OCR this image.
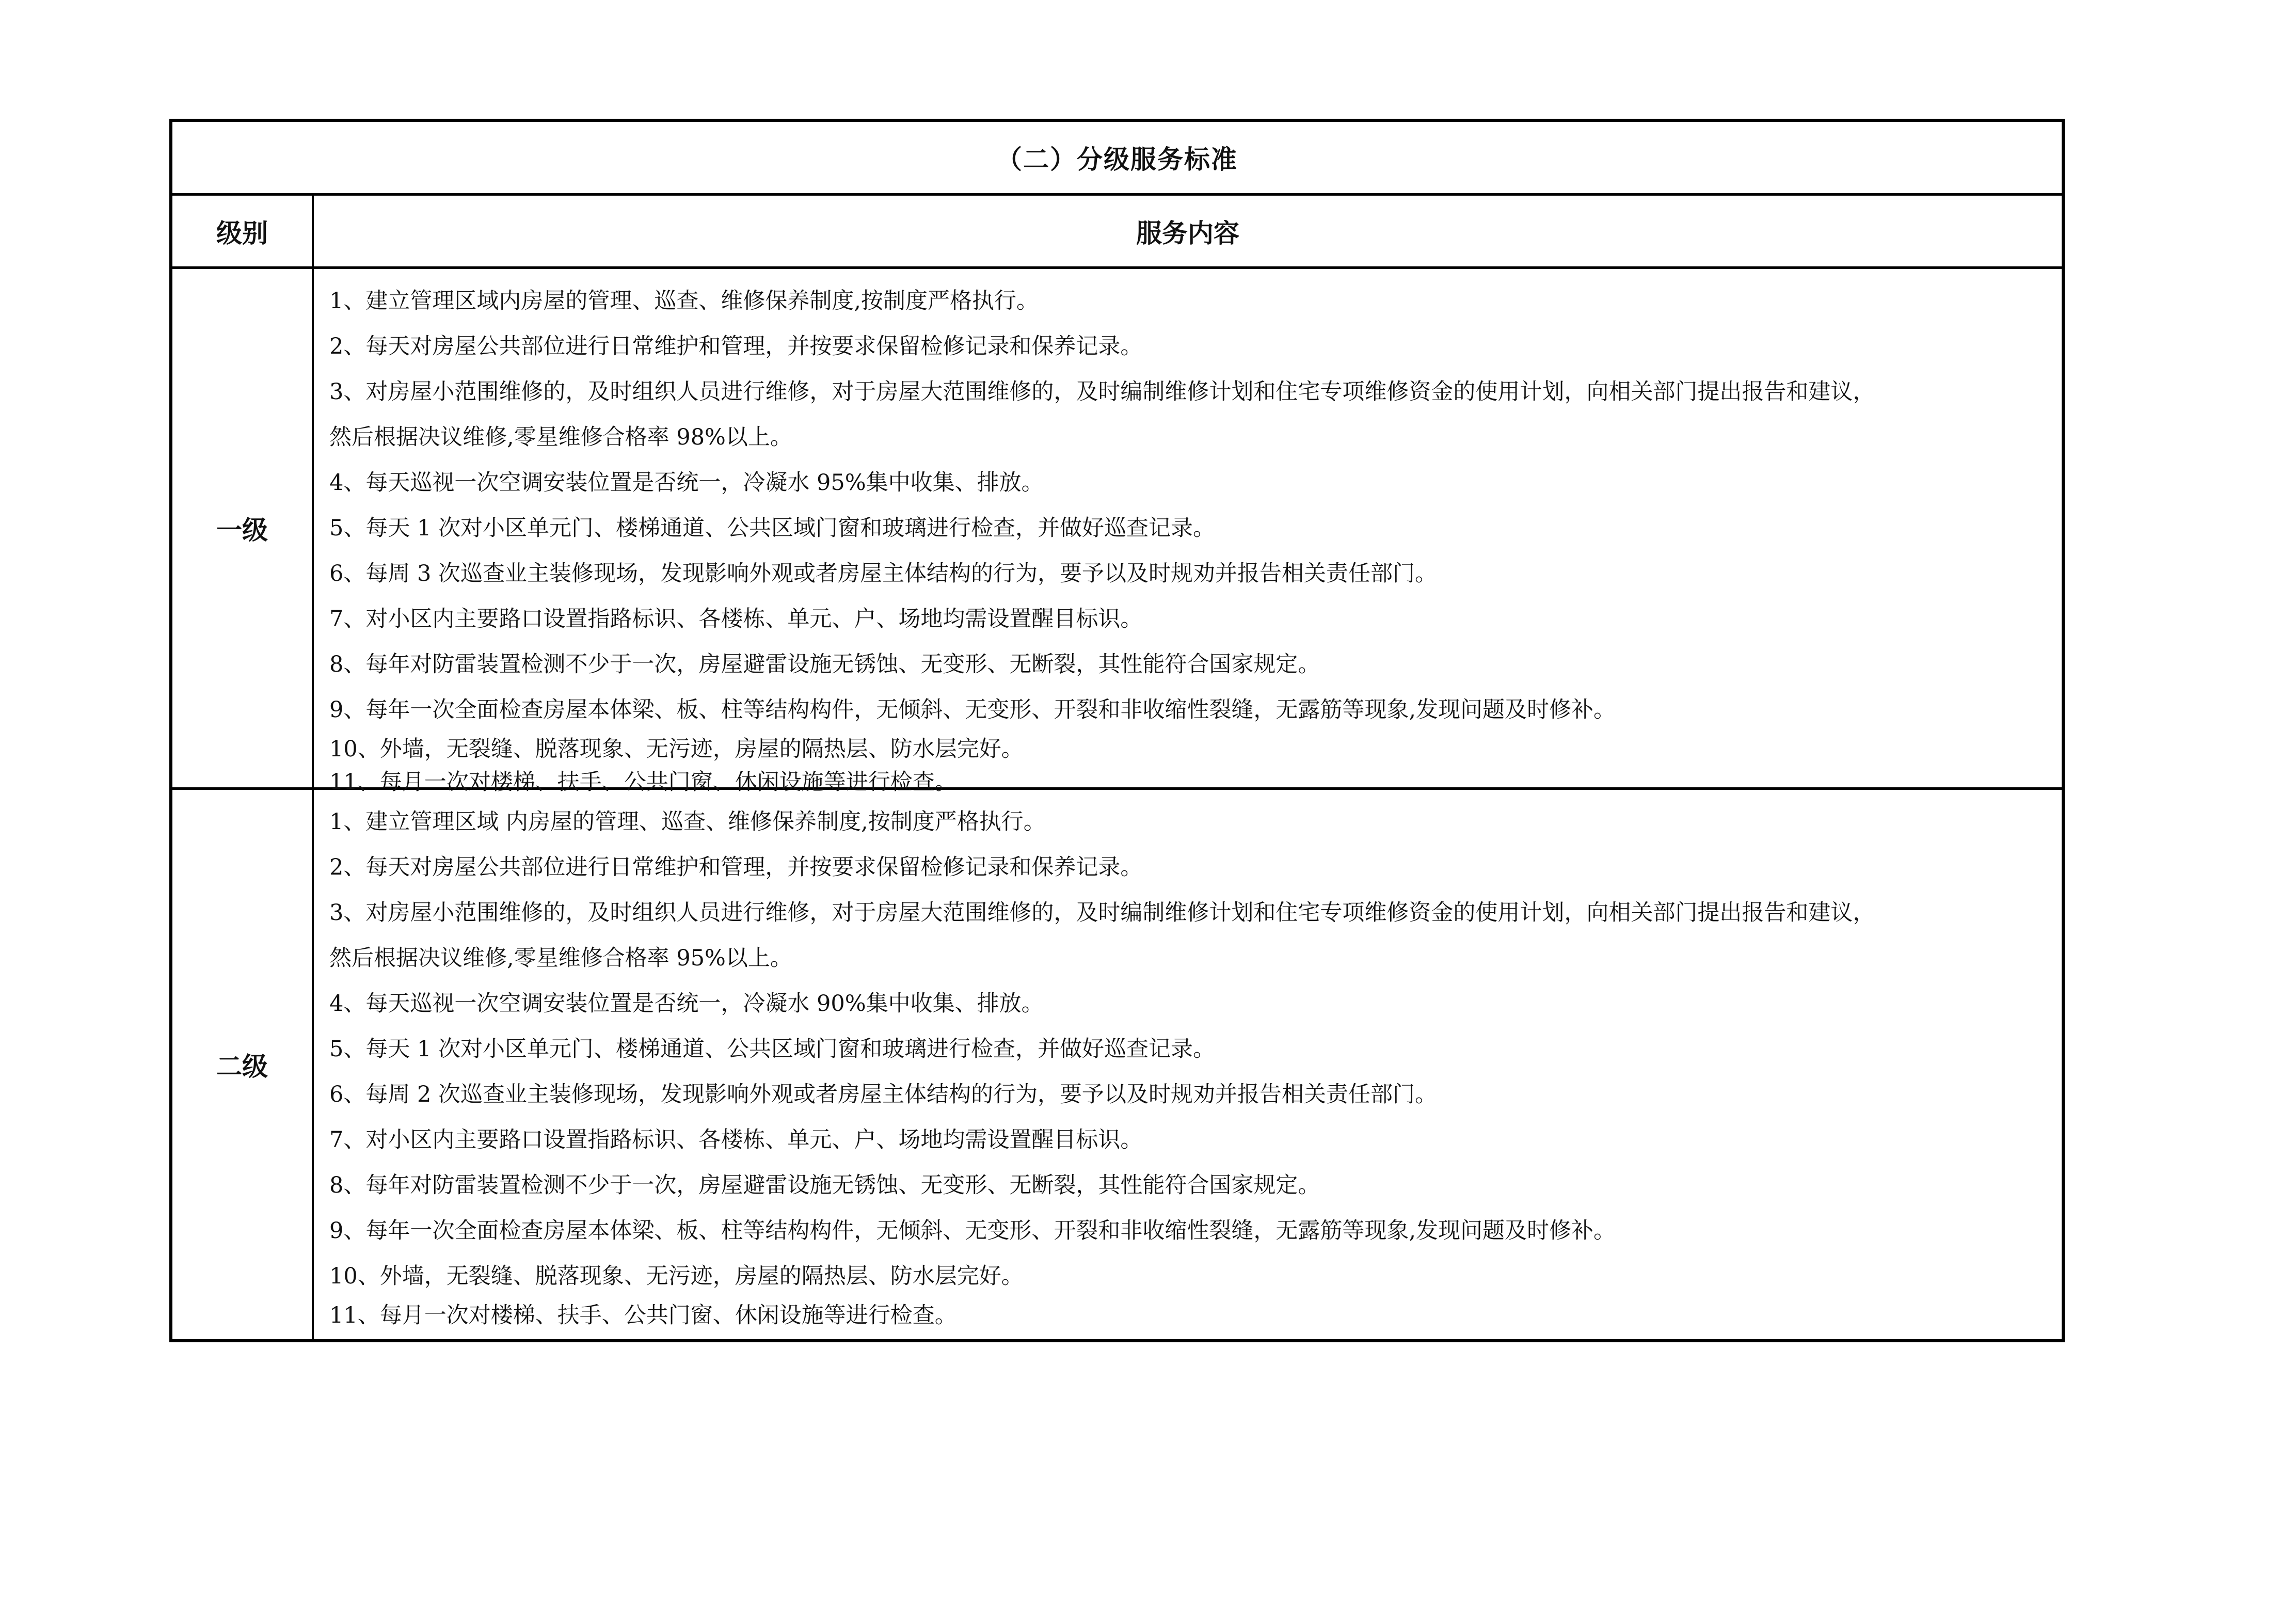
（二）分级服务标准
级别	服务内容
一级
1、建立管理区域内房屋的管理、巡查、维修保养制度,按制度严格执行。
2、每天对房屋公共部位进行日常维护和管理，并按要求保留检修记录和保养记录。
3、对房屋小范围维修的，及时组织人员进行维修，对于房屋大范围维修的，及时编制维修计划和住宅专项维修资金的使用计划，向相关部门提出报告和建议，
然后根据决议维修,零星维修合格率 98%以上。
4、每天巡视一次空调安装位置是否统一，冷凝水 95%集中收集、排放。
5、每天 1 次对小区单元门、楼梯通道、公共区域门窗和玻璃进行检查，并做好巡查记录。
6、每周 3 次巡查业主装修现场，发现影响外观或者房屋主体结构的行为，要予以及时规劝并报告相关责任部门。
7、对小区内主要路口设置指路标识、各楼栋、单元、户、场地均需设置醒目标识。
8、每年对防雷装置检测不少于一次，房屋避雷设施无锈蚀、无变形、无断裂，其性能符合国家规定。
9、每年一次全面检查房屋本体梁、板、柱等结构构件，无倾斜、无变形、开裂和非收缩性裂缝，无露筋等现象,发现问题及时修补。
10、外墙，无裂缝、脱落现象、无污迹，房屋的隔热层、防水层完好。
11、每月一次对楼梯、扶手、公共门窗、休闲设施等进行检查。
二级
1、建立管理区域 内房屋的管理、巡查、维修保养制度,按制度严格执行。
2、每天对房屋公共部位进行日常维护和管理，并按要求保留检修记录和保养记录。
3、对房屋小范围维修的，及时组织人员进行维修，对于房屋大范围维修的，及时编制维修计划和住宅专项维修资金的使用计划，向相关部门提出报告和建议，
然后根据决议维修,零星维修合格率 95%以上。
4、每天巡视一次空调安装位置是否统一，冷凝水 90%集中收集、排放。
5、每天 1 次对小区单元门、楼梯通道、公共区域门窗和玻璃进行检查，并做好巡查记录。
6、每周 2 次巡查业主装修现场，发现影响外观或者房屋主体结构的行为，要予以及时规劝并报告相关责任部门。
7、对小区内主要路口设置指路标识、各楼栋、单元、户、场地均需设置醒目标识。
8、每年对防雷装置检测不少于一次，房屋避雷设施无锈蚀、无变形、无断裂，其性能符合国家规定。
9、每年一次全面检查房屋本体梁、板、柱等结构构件，无倾斜、无变形、开裂和非收缩性裂缝，无露筋等现象,发现问题及时修补。
10、外墙，无裂缝、脱落现象、无污迹，房屋的隔热层、防水层完好。
11、每月一次对楼梯、扶手、公共门窗、休闲设施等进行检查。
